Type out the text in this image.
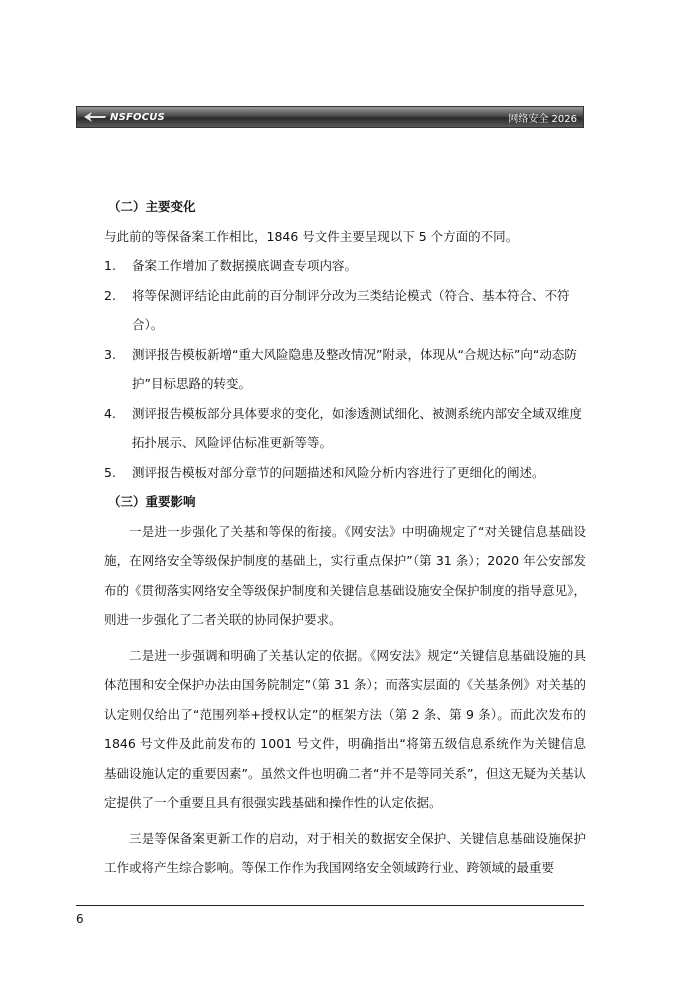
NSFOCUS	网络安全 2026
（二）主要变化
与此前的等保备案工作相比，1846 号文件主要呈现以下 5 个方面的不同。
1.	备案工作增加了数据摸底调查专项内容。
2.	将等保测评结论由此前的百分制评分改为三类结论模式（符合、基本符合、不符合）。
3.	测评报告模板新增“重大风险隐患及整改情况”附录，体现从“合规达标”向“动态防护”目标思路的转变。
4.	测评报告模板部分具体要求的变化，如渗透测试细化、被测系统内部安全域双维度拓扑展示、风险评估标准更新等等。
5.	测评报告模板对部分章节的问题描述和风险分析内容进行了更细化的阐述。
（三）重要影响

一是进一步强化了关基和等保的衔接。《网安法》中明确规定了“对关键信息基础设施，在网络安全等级保护制度的基础上，实行重点保护”（第 31 条）；2020 年公安部发布的《贯彻落实网络安全等级保护制度和关键信息基础设施安全保护制度的指导意见》，则进一步强化了二者关联的协同保护要求。

二是进一步强调和明确了关基认定的依据。《网安法》规定“关键信息基础设施的具体范围和安全保护办法由国务院制定”（第 31 条）；而落实层面的《关基条例》对关基的认定则仅给出了“范围列举+授权认定”的框架方法（第 2 条、第 9 条）。而此次发布的 1846 号文件及此前发布的 1001 号文件，明确指出“将第五级信息系统作为关键信息基础设施认定的重要因素”。虽然文件也明确二者“并不是等同关系”，但这无疑为关基认定提供了一个重要且具有很强实践基础和操作性的认定依据。

三是等保备案更新工作的启动，对于相关的数据安全保护、关键信息基础设施保护工作或将产生综合影响。等保工作作为我国网络安全领域跨行业、跨领域的最重要

6
